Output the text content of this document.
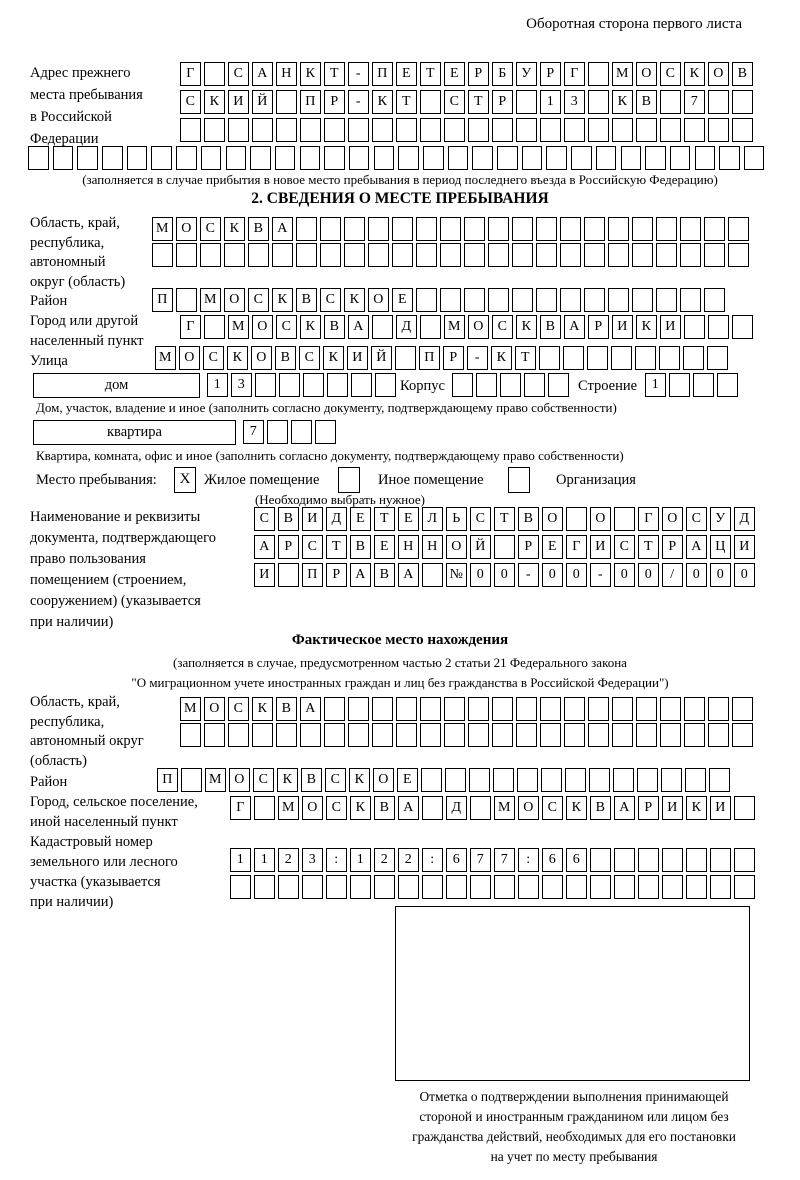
Оборотная сторона первого листа
Адрес прежнего
места пребывания
в Российской
Федерации
Г	С	А Н	К	Т	-	П	Е	Т	Е	Р	Б	У	Р	Г	М О	С	К	О	В
С	К	И Й	П	Р	-	К	Т	С	Т	Р	1	3	К	В	7
(заполняется в случае прибытия в новое место пребывания в период последнего въезда в Российскую Федерацию)
2. СВЕДЕНИЯ О МЕСТЕ ПРЕБЫВАНИЯ
Область, край,
республика,
автономный
округ (область)
М О	С	К	В	А
Район	П	М О	С	К	В	С	К	О	Е
Город или другой
населенный пункт
Г	М О	С	К	В	А	Д	М О	С	К	В	А	Р	И	К	И
Улица	М О	С	К	О	В	С	К	И Й	П	Р	-	К	Т
дом	1	3	Корпус	Строение	1
Дом, участок, владение и иное (заполнить согласно документу, подтверждающему право собственности)
квартира	7
Квартира, комната, офис и иное (заполнить согласно документу, подтверждающему право собственности)
Место пребывания:	X Жилое помещение	Иное помещение	Организация
(Необходимо выбрать нужное)
Наименование и реквизиты
документа, подтверждающего
право пользования
помещением (строением,
сооружением) (указывается
при наличии)
С	В	И	Д	Е	Т	Е	Л	Ь	С	Т	В	О	О	Г	О	С	У	Д
А	Р	С	Т	В	Е	Н Н О Й	Р	Е	Г	И	С	Т	Р	А Ц И
И	П	Р	А	В	А	№ 0	0	-	0	0	-	0	0	/	0	0	0
Фактическое место нахождения
(заполняется в случае, предусмотренном частью 2 статьи 21 Федерального закона
"О миграционном учете иностранных граждан и лиц без гражданства в Российской Федерации")
Область, край,
республика,
автономный округ
(область)
М О	С	К	В	А
Район	П	М О	С	К	В	С	К	О	Е
Город, сельское поселение,
иной населенный пункт
Г	М О	С	К	В	А	Д	М О	С	К	В	А	Р	И	К	И
Кадастровый номер
земельного или лесного
участка (указывается
при наличии)
1	1	2	3	:	1	2	2	:	6	7	7	:	6	6
Отметка о подтверждении выполнения принимающей
стороной и иностранным гражданином или лицом без
гражданства действий, необходимых для его постановки
на учет по месту пребывания
